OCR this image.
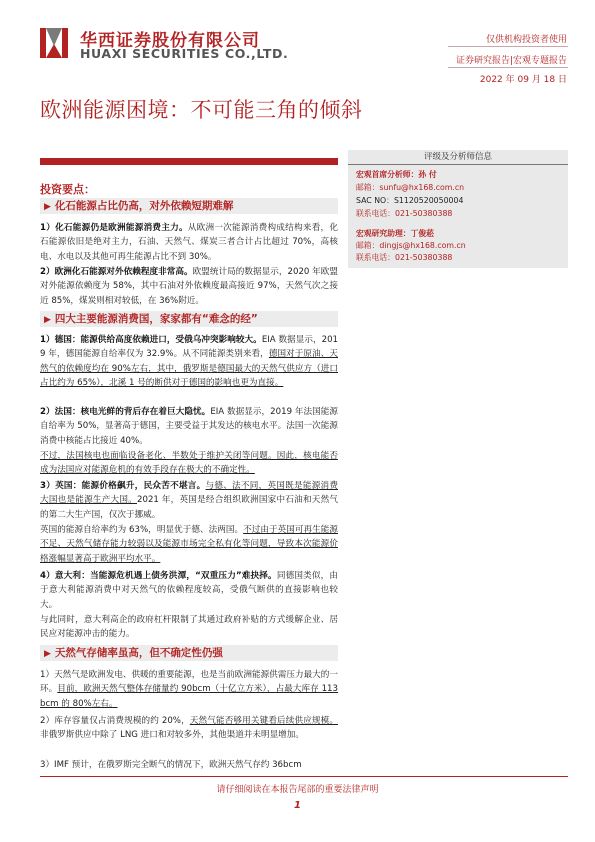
华西证券股份有限公司
HUAXI SECURITIES CO.,LTD.
仅供机构投资者使用
证券研究报告|宏观专题报告
2022 年 09 月 18 日
欧洲能源困境：不可能三角的倾斜
评级及分析师信息
宏观首席分析师：孙 付
邮箱：sunfu@hx168.com.cn
SAC NO：S1120520050004
联系电话：021-50380388
宏观研究助理：丁俊菘
邮箱：dingjs@hx168.com.cn
联系电话：021-50380388
投资要点：
▶ 化石能源占比仍高，对外依赖短期难解

1）化石能源仍是欧洲能源消费主力。从欧洲一次能源消费构成结构来看，化石能源依旧是绝对主力，石油、天然气、煤炭三者合计占比超过 70%，高核电、水电以及其他可再生能源占比不到 30%。

2）欧洲化石能源对外依赖程度非常高。欧盟统计局的数据显示，2020 年欧盟对外能源依赖度为 58%，其中石油对外依赖度最高接近 97%，天然气次之接近 85%，煤炭则相对较低，在 36%附近。

▶ 四大主要能源消费国，家家都有“难念的经”

1）德国：能源供给高度依赖进口，受俄乌冲突影响较大。EIA 数据显示，2019 年，德国能源自给率仅为 32.9%。从不同能源类别来看，德国对于原油、天然气的依赖度均在 90%左右，其中，俄罗斯是德国最大的天然气供应方（进口占比约为 65%），北溪 1 号的断供对于德国的影响也更为直接。

2）法国：核电光鲜的背后存在着巨大隐忧。EIA 数据显示，2019 年法国能源自给率为 50%，显著高于德国，主要受益于其发达的核电水平。法国一次能源消费中核能占比接近 40%。

不过，法国核电也面临设备老化、半数处于维护关闭等问题。因此，核电能否成为法国应对能源危机的有效手段存在极大的不确定性。

3）英国：能源价格飙升，民众苦不堪言。与德、法不同，英国既是能源消费大国也是能源生产大国。2021 年，英国是经合组织欧洲国家中石油和天然气的第二大生产国，仅次于挪威。

英国的能源自给率约为 63%，明显优于德、法两国。不过由于英国可再生能源不足、天然气储存能力较弱以及能源市场完全私有化等问题，导致本次能源价格涨幅显著高于欧洲平均水平。

4）意大利：当能源危机遇上债务洪潭，“双重压力”难抉择。同德国类似，由于意大利能源消费中对天然气的依赖程度较高，受俄气断供的直接影响也较大。

与此同时，意大利高企的政府杠杆限制了其通过政府补贴的方式缓解企业、居民应对能源冲击的能力。

▶ 天然气存储率虽高，但不确定性仍强

1）天然气是欧洲发电、供暖的重要能源，也是当前欧洲能源供需压力最大的一环。目前，欧洲天然气整体存储量约 90bcm（十亿立方米），占最大库存 113bcm 的 80%左右。

2）库存容量仅占消费规模的约 20%，天然气能否够用关键看后续供应规模。非俄罗斯供应中除了 LNG 进口和对较多外，其他渠道并未明显增加。

3）IMF 预计，在俄罗斯完全断气的情况下，欧洲天然气存约 36bcm

请仔细阅读在本报告尾部的重要法律声明
1
